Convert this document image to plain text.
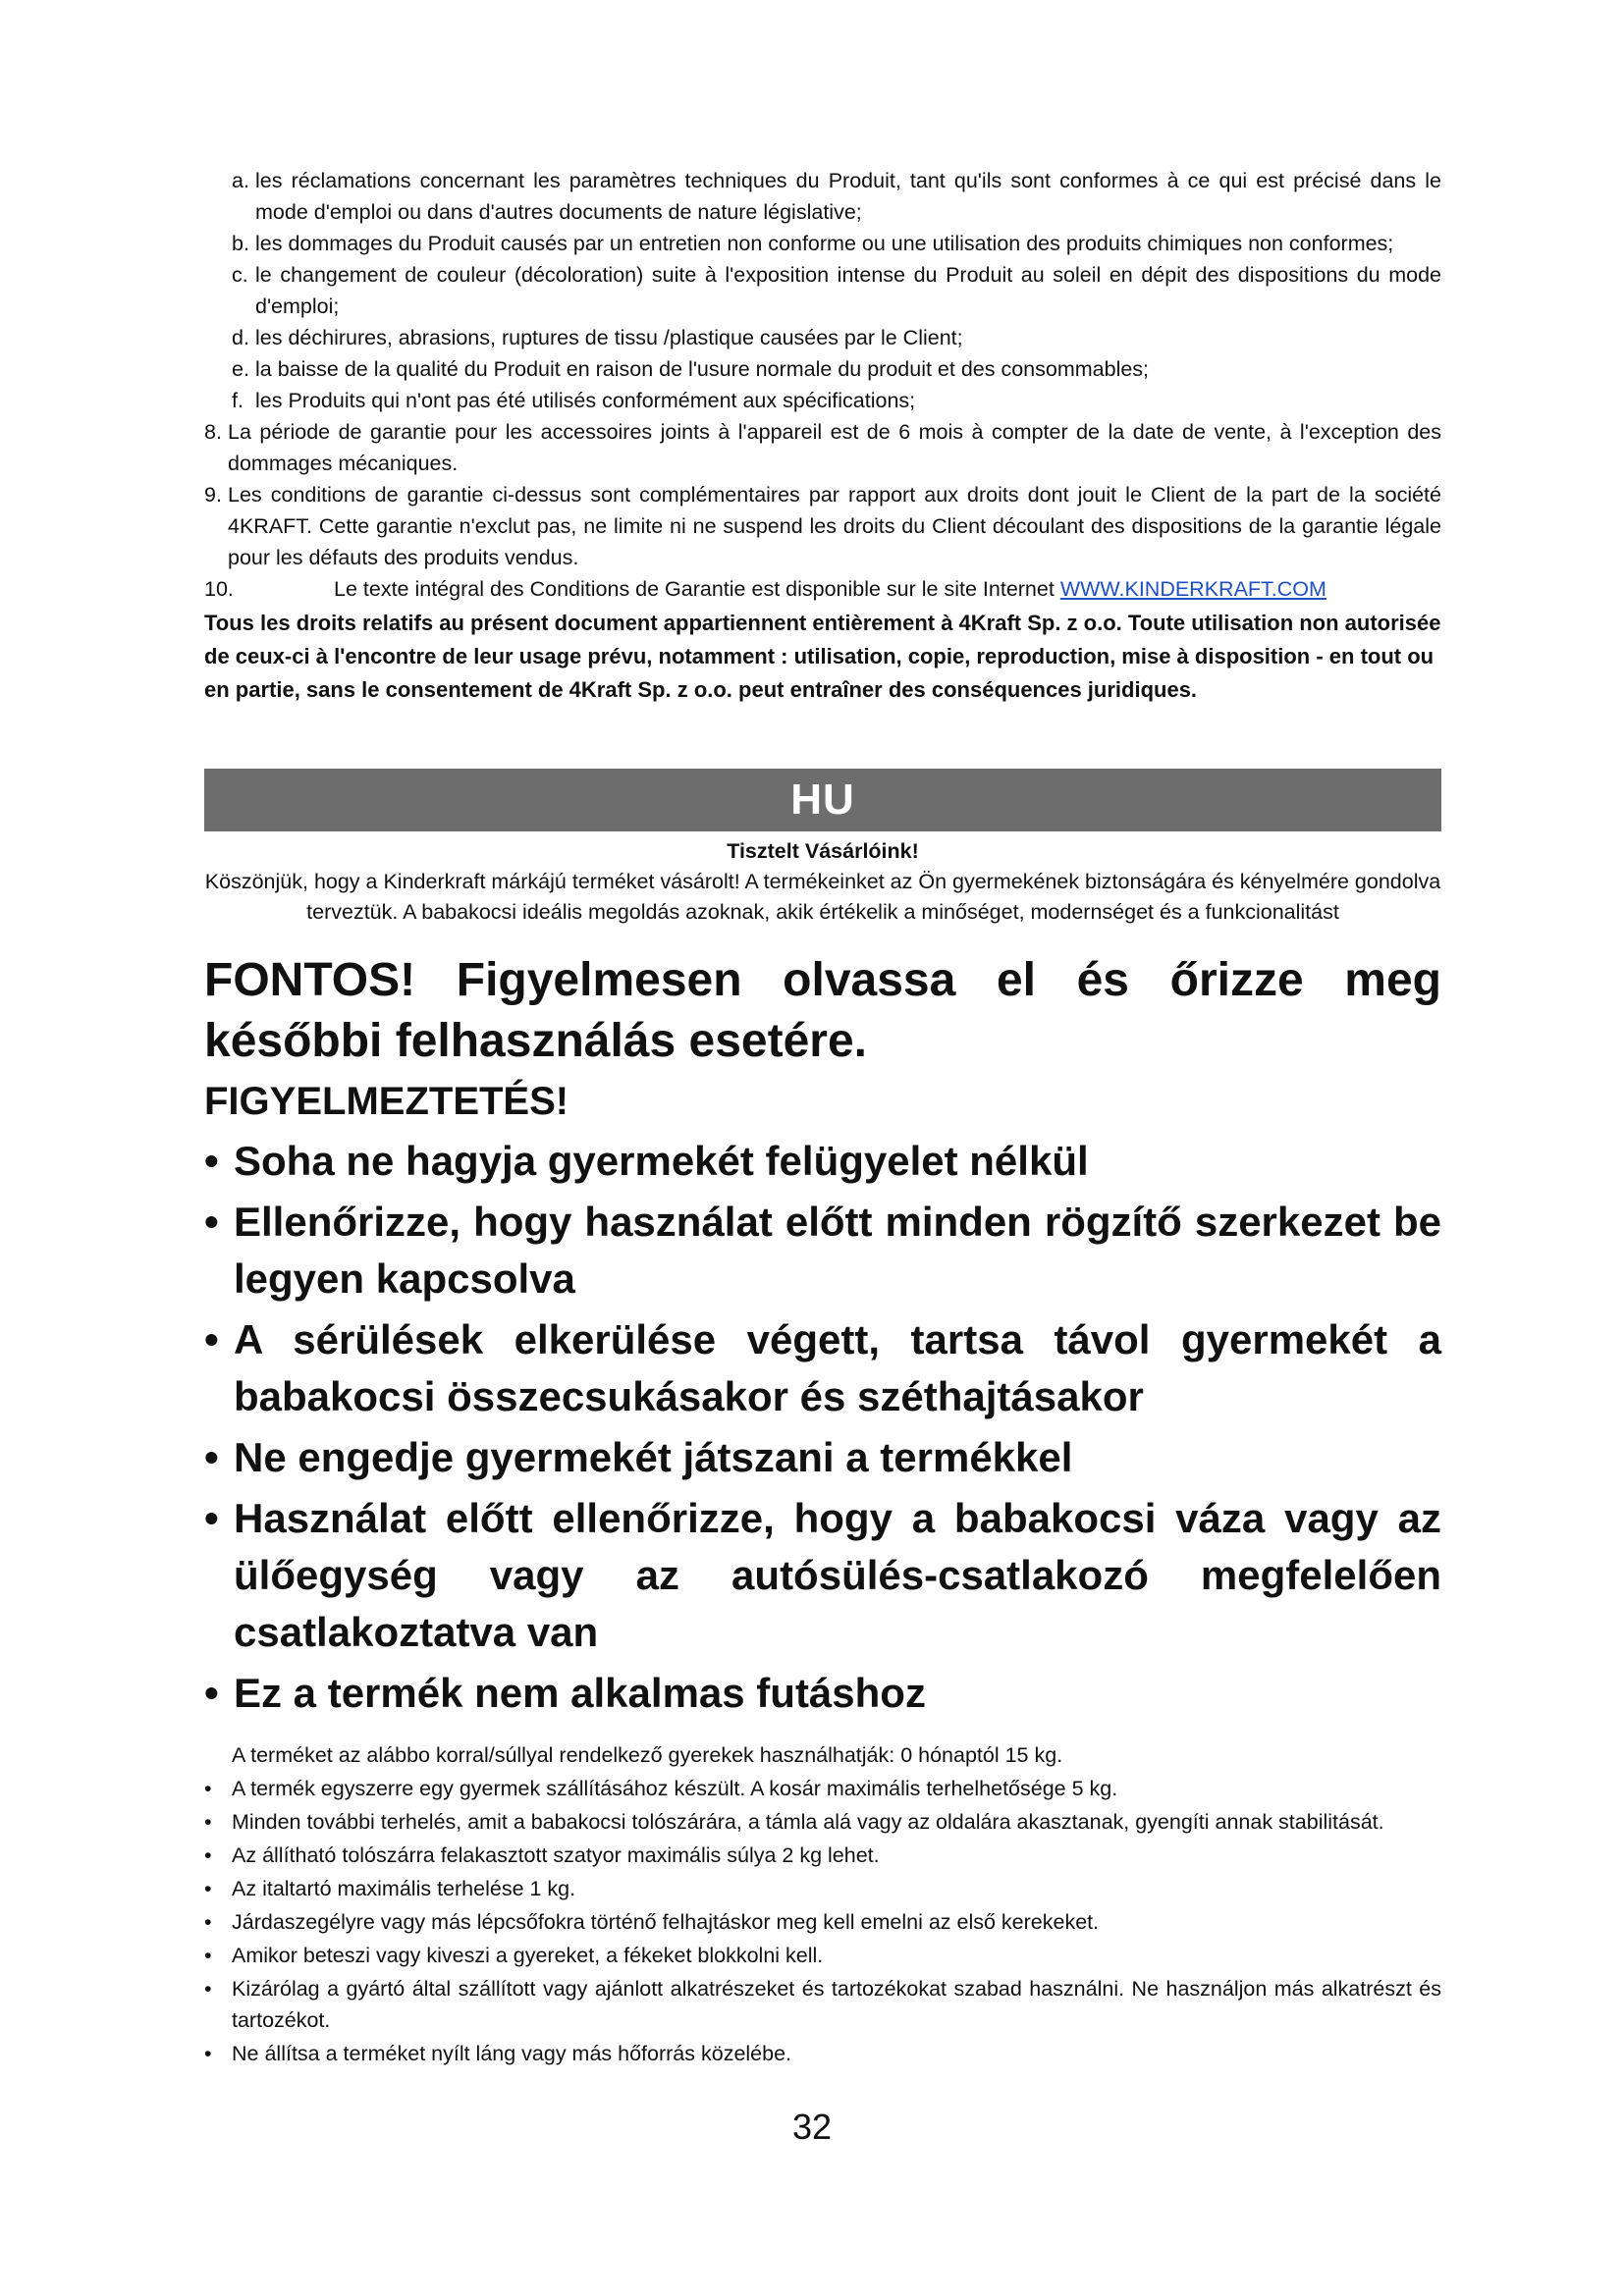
a. les réclamations concernant les paramètres techniques du Produit, tant qu'ils sont conformes à ce qui est précisé dans le mode d'emploi ou dans d'autres documents de nature législative;
b. les dommages du Produit causés par un entretien non conforme ou une utilisation des produits chimiques non conformes;
c. le changement de couleur (décoloration) suite à l'exposition intense du Produit au soleil en dépit des dispositions du mode d'emploi;
d. les déchirures, abrasions, ruptures de tissu /plastique causées par le Client;
e. la baisse de la qualité du Produit en raison de l'usure normale du produit et des consommables;
f. les Produits qui n'ont pas été utilisés conformément aux spécifications;
8. La période de garantie pour les accessoires joints à l'appareil est de 6 mois à compter de la date de vente, à l'exception des dommages mécaniques.
9. Les conditions de garantie ci-dessus sont complémentaires par rapport aux droits dont jouit le Client de la part de la société 4KRAFT. Cette garantie n'exclut pas, ne limite ni ne suspend les droits du Client découlant des dispositions de la garantie légale pour les défauts des produits vendus.
10.	Le texte intégral des Conditions de Garantie est disponible sur le site Internet WWW.KINDERKRAFT.COM
Tous les droits relatifs au présent document appartiennent entièrement à 4Kraft Sp. z o.o. Toute utilisation non autorisée de ceux-ci à l'encontre de leur usage prévu, notamment : utilisation, copie, reproduction, mise à disposition - en tout ou en partie, sans le consentement de 4Kraft Sp. z o.o. peut entraîner des conséquences juridiques.
HU
Tisztelt Vásárlóink!
Köszönjük, hogy a Kinderkraft márkájú terméket vásárolt! A termékeinket az Ön gyermekének biztonságára és kényelmére gondolva terveztük. A babakocsi ideális megoldás azoknak, akik értékelik a minőséget, modernséget és a funkcionalitást
FONTOS! Figyelmesen olvassa el és őrizze meg későbbi felhasználás esetére.
FIGYELMEZTETÉS!
• Soha ne hagyja gyermekét felügyelet nélkül
• Ellenőrizze, hogy használat előtt minden rögzítő szerkezet be legyen kapcsolva
• A sérülések elkerülése végett, tartsa távol gyermekét a babakocsi összecsukásakor és széthajtásakor
• Ne engedje gyermekét játszani a termékkel
• Használat előtt ellenőrizze, hogy a babakocsi váza vagy az ülőegység vagy az autósülés-csatlakozó megfelelően csatlakoztatva van
• Ez a termék nem alkalmas futáshoz
A terméket az alábbo korral/súllyal rendelkező gyerekek használhatják: 0 hónaptól 15 kg.
• A termék egyszerre egy gyermek szállításához készült. A kosár maximális terhelhetősége 5 kg.
• Minden további terhelés, amit a babakocsi tolószárára, a támla alá vagy az oldalára akasztanak, gyengíti annak stabilitását.
• Az állítható tolószárra felakasztott szatyor maximális súlya 2 kg lehet.
• Az italtartó maximális terhelése 1 kg.
• Járdaszegélyre vagy más lépcsőfokra történő felhajtáskor meg kell emelni az első kerekeket.
• Amikor beteszi vagy kiveszi a gyereket, a fékeket blokkolni kell.
• Kizárólag a gyártó által szállított vagy ajánlott alkatrészeket és tartozékokat szabad használni. Ne használjon más alkatrészt és tartozékot.
• Ne állítsa a terméket nyílt láng vagy más hőforrás közelébe.
32
